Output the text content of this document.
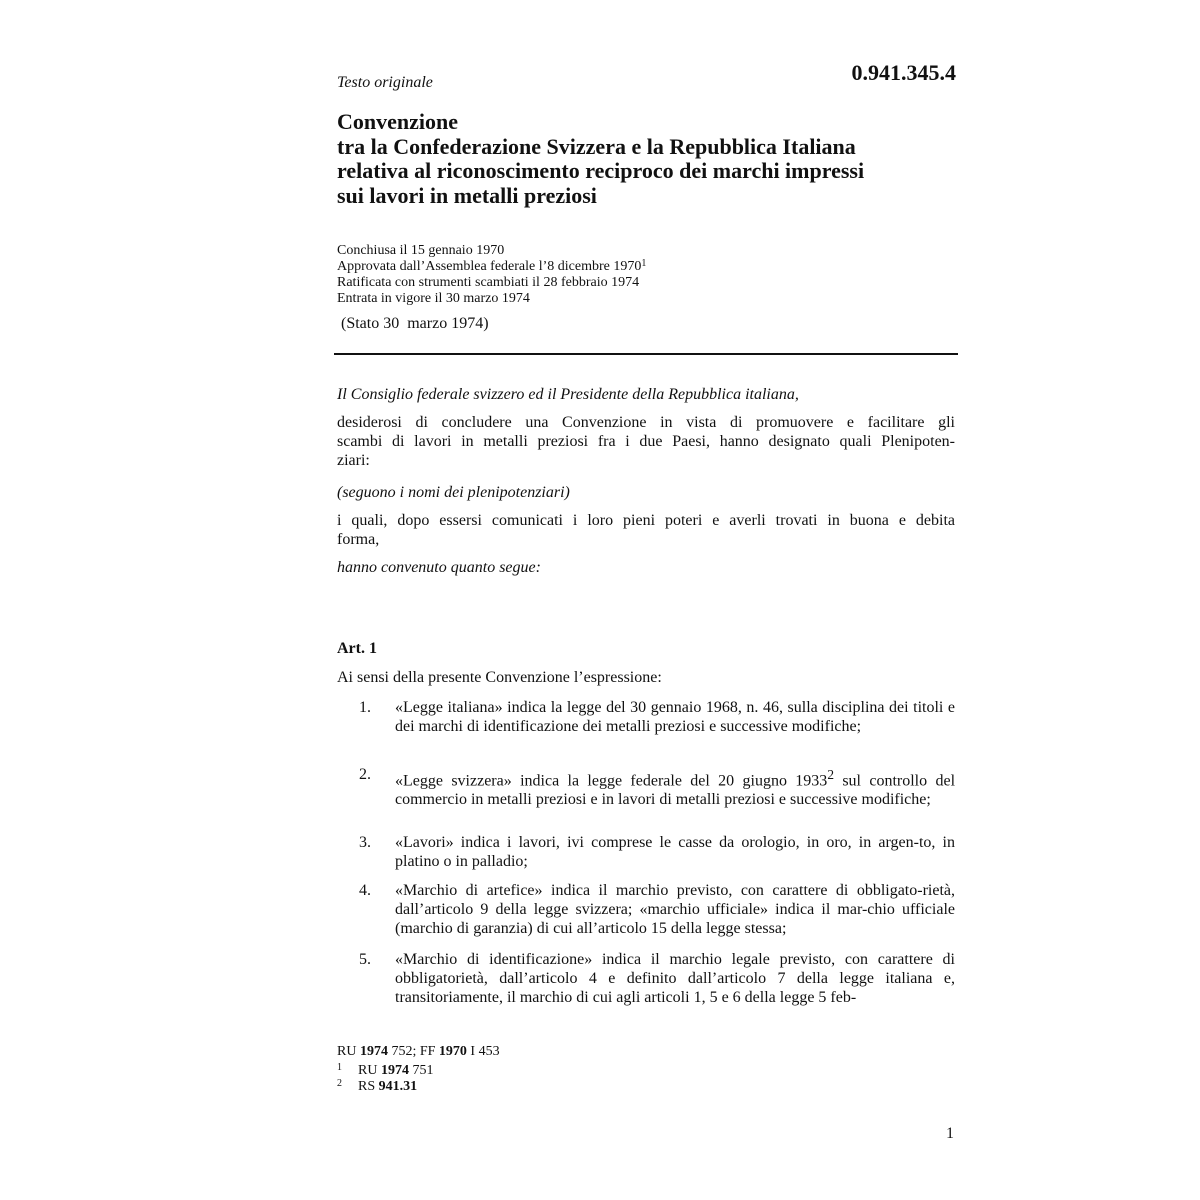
Testo originale	0.941.345.4
Convenzione
tra la Confederazione Svizzera e la Repubblica Italiana
relativa al riconoscimento reciproco dei marchi impressi
sui lavori in metalli preziosi
Conchiusa il 15 gennaio 1970
Approvata dall’Assemblea federale l’8 dicembre 1970$^1$
Ratificata con strumenti scambiati il 28 febbraio 1974
Entrata in vigore il 30 marzo 1974
(Stato 30  marzo 1974)
Il Consiglio federale svizzero ed il Presidente della Repubblica italiana,
desiderosi di concludere una Convenzione in vista di promuovere e facilitare gli
scambi di lavori in metalli preziosi fra i due Paesi, hanno designato quali Plenipoten-
ziari:
(seguono i nomi dei plenipotenziari)
i quali, dopo essersi comunicati i loro pieni poteri e averli trovati in buona e debita
forma,
hanno convenuto quanto segue:
Art. 1
Ai sensi della presente Convenzione l’espressione:
1. «Legge italiana» indica la legge del 30 gennaio 1968, n. 46, sulla disciplina dei titoli e dei marchi di identificazione dei metalli preziosi e successive modifiche;
2. «Legge svizzera» indica la legge federale del 20 giugno 1933$^2$ sul controllo del commercio in metalli preziosi e in lavori di metalli preziosi e successive modifiche;
3. «Lavori» indica i lavori, ivi comprese le casse da orologio, in oro, in argen-to, in platino o in palladio;
4. «Marchio di artefice» indica il marchio previsto, con carattere di obbligato-rietà, dall’articolo 9 della legge svizzera; «marchio ufficiale» indica il mar-chio ufficiale (marchio di garanzia) di cui all’articolo 15 della legge stessa;
5. «Marchio di identificazione» indica il marchio legale previsto, con carattere di obbligatorietà, dall’articolo 4 e definito dall’articolo 7 della legge italiana e, transitoriamente, il marchio di cui agli articoli 1, 5 e 6 della legge 5 feb-
RU 1974 752; FF 1970 I 453
1 RU 1974 751
2 RS 941.31
1
